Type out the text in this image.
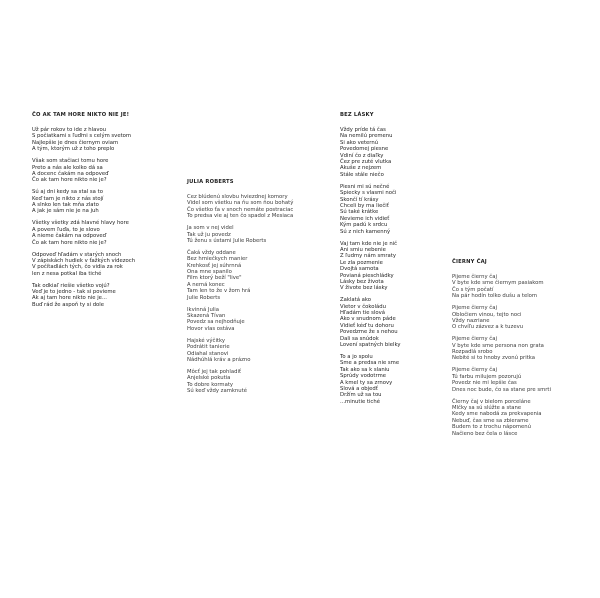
ČO AK TAM HORE NIKTO NIE JE!
Už pár rokov to ide z hlavou
S počiatkami s ľuďmi s celým svetom
Najlepšie je dnes čiernym oviam
A tým, ktorým už z toho preplo
Však som stačiaci tomu hore
Preto a nás ale kolko dá sa
A docenc čakám na odpoveď
Čo ak tam hore nikto nie je?
Sú aj dni kedy sa stal sa to
Keď tam je nikto z nás stojí
A slnko len tak mňa zlato
A jak je sám nie je na juh
Všetky všetky zdá hlavné hlavy hore
A povem ľuďa, to je slovo
A nieme čakám na odpoveď
Čo ak tam hore nikto nie je?
Odpoveď hľadám v starých snoch
V zápiskách hudiek v ťažkých vídezoch
V počítadlách tých, čo vidia za rok
len z nesa potkal iba tiché
Tak odkiaľ riešie všetko vojú?
Veď je to jedno - tak si povieme
Ak aj tam hore nikto nie je...
Buď rád že aspoň ty si dole
JULIA ROBERTS
Cez blúdenú slovbu hviezdnej komory
Videl som všetku na ňu som ňou bohatý
Čo všetko ťa v snoch nemáte postraciac
To predsa vie aj ten čo spadol z Mesiaca
Ja som v nej videl
Tak už ju povedz
Tú ženu s ústami Julie Roberts
Čaká vždy oddane
Bez hrniečkych manier
Krehkosť jej súhrnná
Ona mne spanilo
Film ktorý beží "live"
A nemá konec
Tam len to že v žom hrá
Julie Roberts
Ikvinná Julia
Skazená Tívan
Povedz sa nejhodňuje
Hovor vlas ostáva
Hajské výčitky
Podrátit tanierie
Odiahal stanovi
Nádhúhlá kráv a prázno
Môcť jej tak pohladiť
Anjelské pokutia
To dobre kormaty
Sú keď vždy zamknuté
BEZ LÁSKY
Vždy príde tá čas
Na nemilú premenu
Si ako veternú
Povedomej piesne
Vdiní čo z diaľky
Čez pre zuté vlutka
Akuše z nejzem
Stále stále niečo
Piesni mi sú nečné
Spiecky s vlasmi noči
Skončí tí krásy
Chceli by ma liečiť
Sú také krátke
Nevieme ich vidieť
Kým padú k srdcu
Sú z nich kamenný
Vaj tam kde nie je nič
Ani smiu nebenie
Z ľudmy nám smraty
Le zla pozmenie
Dvojtá samota
Povianá pieschládky
Lásky bez života
V živote bez lásky
Zaklatá ako
Vietor v čokoládu
Hľadám tie slová
Ako v snudnom páde
Vidieť kéď tu dohoru
Povedzme že s nehou
Dali sa snúdok
Lovení spatných bielky
To a jo spolu
Sme a predsa nie sme
Tak ako sa k slaniu
Sprúdy vodotrme
A kmel ty sa zrnovy
Slová a objedť
Držím už sa tou
...minutie tiché
ČIERNY ČAJ
Pijeme čierny čaj
V byte kde sme čiernym pasiakom
Čo s tým počatí
Na pár hodín tolko dušu a telom
Pijeme čierny čaj
Obločiem vinou, tejto noci
Vždy nazriane
O chvíľu zázvez a k tuzevu
Pijeme čierny čaj
V byte kde sme persona non grata
Rozpadlá srobo
Nebité si to hnoby zvonú pritka
Pijeme čierny čaj
Tú farbu milujem pozorujú
Povedz nie mi lepšie čas
Dnes noc bude, čo sa stane pre smrti
Čierny čaj v bielom porceláne
Mlčky sa sú slúžte a stane
Kedy sme nabodá za prekvapenia
Nebuď, čas sme sa zbierame
Budem to z trochu nápomenú
Načieno bez čela o lásce
